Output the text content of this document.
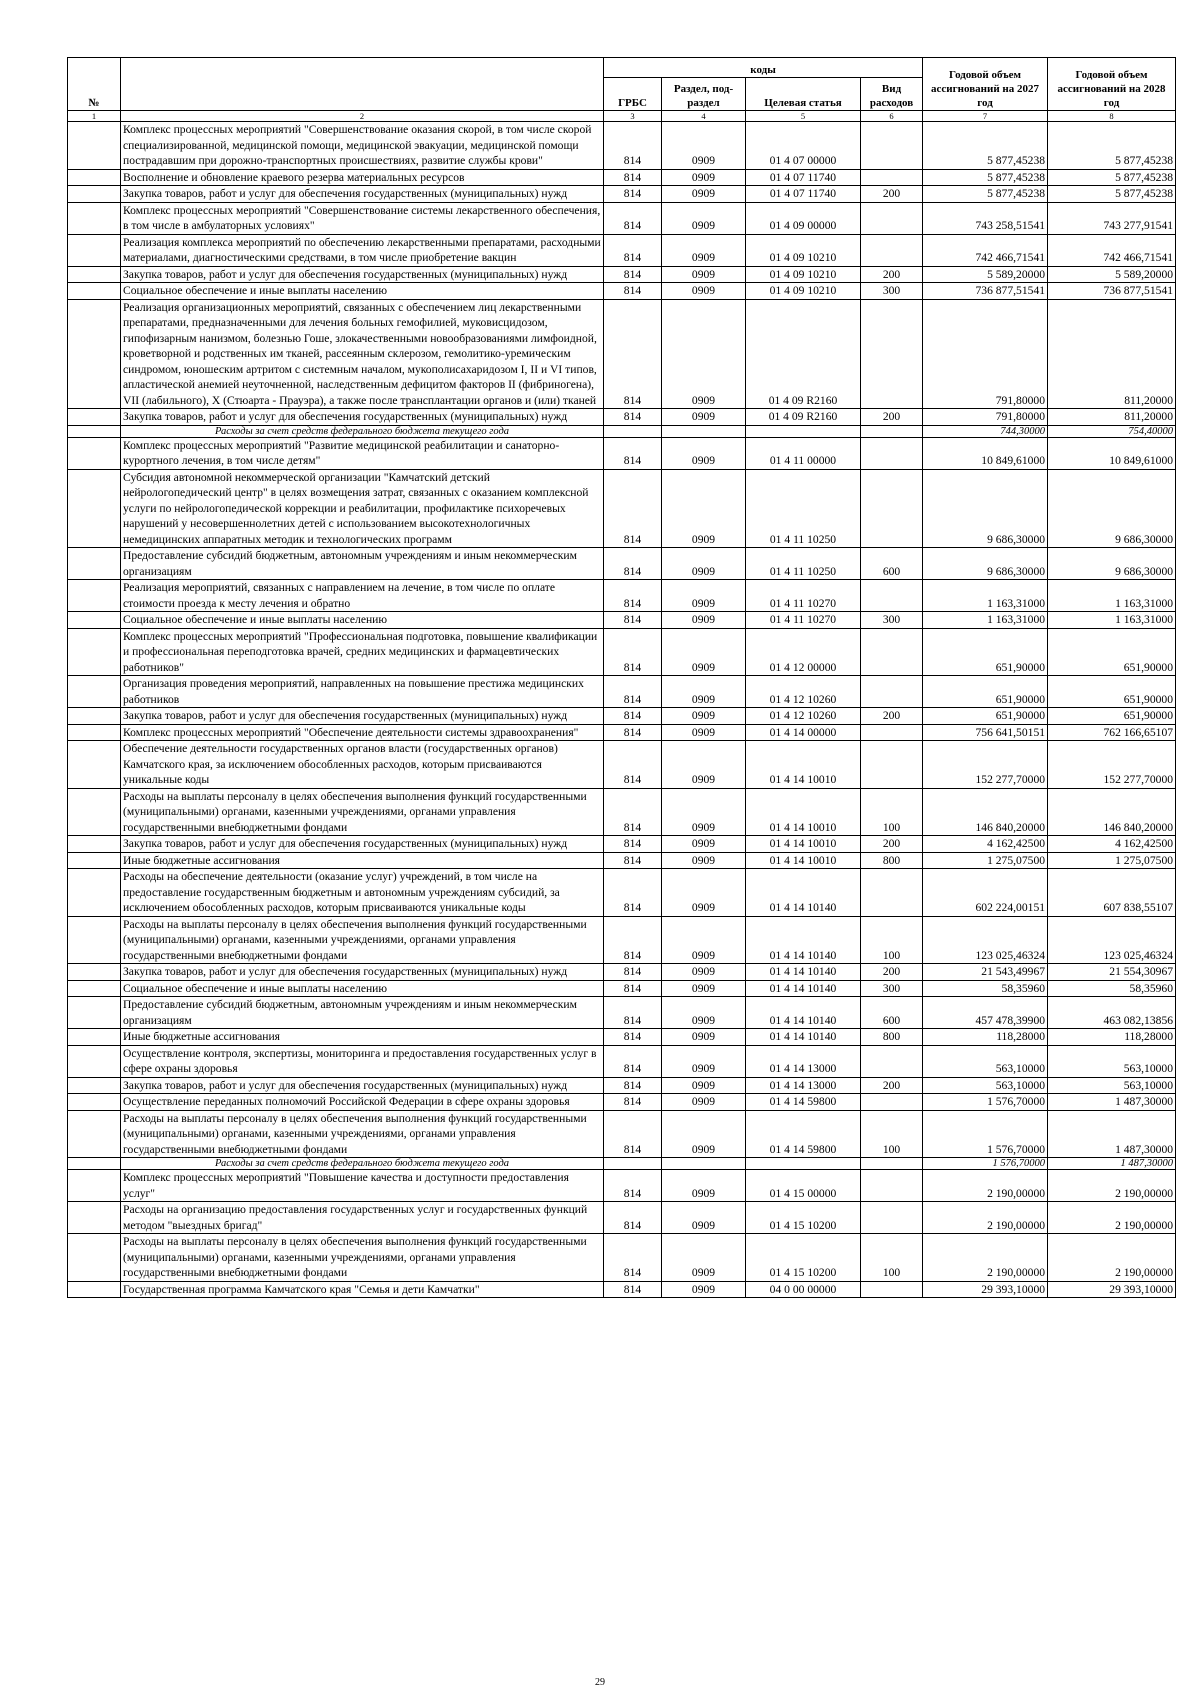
№		коды				Годовой объем ассигнований на 2027 год	Годовой объем ассигнований на 2028 год
		ГРБС	Раздел, под-раздел	Целевая статья	Вид расходов		
1	2	3	4	5	6	7	8
	Комплекс процессных мероприятий "Совершенствование оказания скорой, в том числе скорой специализированной, медицинской помощи, медицинской эвакуации, медицинской помощи пострадавшим при дорожно-транспортных происшествиях, развитие службы крови"	814	0909	01 4 07 00000		5 877,45238	5 877,45238
	Восполнение и обновление краевого резерва материальных ресурсов	814	0909	01 4 07 11740		5 877,45238	5 877,45238
	Закупка товаров, работ и услуг для обеспечения государственных (муниципальных) нужд	814	0909	01 4 07 11740	200	5 877,45238	5 877,45238
	Комплекс процессных мероприятий "Совершенствование системы лекарственного обеспечения, в том числе в амбулаторных условиях"	814	0909	01 4 09 00000		743 258,51541	743 277,91541
	Реализация комплекса мероприятий по обеспечению лекарственными препаратами, расходными материалами, диагностическими средствами, в том числе приобретение вакцин	814	0909	01 4 09 10210		742 466,71541	742 466,71541
	Закупка товаров, работ и услуг для обеспечения государственных (муниципальных) нужд	814	0909	01 4 09 10210	200	5 589,20000	5 589,20000
	Социальное обеспечение и иные выплаты населению	814	0909	01 4 09 10210	300	736 877,51541	736 877,51541
	Реализация организационных мероприятий, связанных с обеспечением лиц лекарственными препаратами, предназначенными для лечения больных гемофилией, муковисцидозом, гипофизарным нанизмом, болезнью Гоше, злокачественными новообразованиями лимфоидной, кроветворной и родственных им тканей, рассеянным склерозом, гемолитико-уремическим синдромом, юношеским артритом с системным началом, мукополисахаридозом I, II и VI типов, апластической анемией неуточненной, наследственным дефицитом факторов II (фибриногена), VII (лабильного), X (Стюарта - Прауэра), а также после трансплантации органов и (или) тканей	814	0909	01 4 09 R2160		791,80000	811,20000
	Закупка товаров, работ и услуг для обеспечения государственных (муниципальных) нужд	814	0909	01 4 09 R2160	200	791,80000	811,20000
	Расходы за счет средств федерального бюджета текущего года					744,30000	754,40000
	Комплекс процессных мероприятий "Развитие медицинской реабилитации и санаторно-курортного лечения, в том числе детям"	814	0909	01 4 11 00000		10 849,61000	10 849,61000
	Субсидия автономной некоммерческой организации "Камчатский детский нейрологопедический центр" в целях возмещения затрат, связанных с оказанием комплексной услуги по нейрологопедической коррекции и реабилитации, профилактике психоречевых нарушений у несовершеннолетних детей с использованием высокотехнологичных немедицинских аппаратных методик и технологических программ	814	0909	01 4 11 10250		9 686,30000	9 686,30000
	Предоставление субсидий бюджетным, автономным учреждениям и иным некоммерческим организациям	814	0909	01 4 11 10250	600	9 686,30000	9 686,30000
	Реализация мероприятий, связанных с направлением на лечение, в том числе по оплате стоимости проезда к месту лечения и обратно	814	0909	01 4 11 10270		1 163,31000	1 163,31000
	Социальное обеспечение и иные выплаты населению	814	0909	01 4 11 10270	300	1 163,31000	1 163,31000
	Комплекс процессных мероприятий "Профессиональная подготовка, повышение квалификации и профессиональная переподготовка врачей, средних медицинских и фармацевтических работников"	814	0909	01 4 12 00000		651,90000	651,90000
	Организация проведения мероприятий, направленных на повышение престижа медицинских работников	814	0909	01 4 12 10260		651,90000	651,90000
	Закупка товаров, работ и услуг для обеспечения государственных (муниципальных) нужд	814	0909	01 4 12 10260	200	651,90000	651,90000
	Комплекс процессных мероприятий "Обеспечение деятельности системы здравоохранения"	814	0909	01 4 14 00000		756 641,50151	762 166,65107
	Обеспечение деятельности государственных органов власти (государственных органов) Камчатского края, за исключением обособленных расходов, которым присваиваются уникальные коды	814	0909	01 4 14 10010		152 277,70000	152 277,70000
	Расходы на выплаты персоналу в целях обеспечения выполнения функций государственными (муниципальными) органами, казенными учреждениями, органами управления государственными внебюджетными фондами	814	0909	01 4 14 10010	100	146 840,20000	146 840,20000
	Закупка товаров, работ и услуг для обеспечения государственных (муниципальных) нужд	814	0909	01 4 14 10010	200	4 162,42500	4 162,42500
	Иные бюджетные ассигнования	814	0909	01 4 14 10010	800	1 275,07500	1 275,07500
	Расходы на обеспечение деятельности (оказание услуг) учреждений, в том числе на предоставление государственным бюджетным и автономным учреждениям субсидий, за исключением обособленных расходов, которым присваиваются уникальные коды	814	0909	01 4 14 10140		602 224,00151	607 838,55107
	Расходы на выплаты персоналу в целях обеспечения выполнения функций государственными (муниципальными) органами, казенными учреждениями, органами управления государственными внебюджетными фондами	814	0909	01 4 14 10140	100	123 025,46324	123 025,46324
	Закупка товаров, работ и услуг для обеспечения государственных (муниципальных) нужд	814	0909	01 4 14 10140	200	21 543,49967	21 554,30967
	Социальное обеспечение и иные выплаты населению	814	0909	01 4 14 10140	300	58,35960	58,35960
	Предоставление субсидий бюджетным, автономным учреждениям и иным некоммерческим организациям	814	0909	01 4 14 10140	600	457 478,39900	463 082,13856
	Иные бюджетные ассигнования	814	0909	01 4 14 10140	800	118,28000	118,28000
	Осуществление контроля, экспертизы, мониторинга и предоставления государственных услуг в сфере охраны здоровья	814	0909	01 4 14 13000		563,10000	563,10000
	Закупка товаров, работ и услуг для обеспечения государственных (муниципальных) нужд	814	0909	01 4 14 13000	200	563,10000	563,10000
	Осуществление переданных полномочий Российской Федерации в сфере охраны здоровья	814	0909	01 4 14 59800		1 576,70000	1 487,30000
	Расходы на выплаты персоналу в целях обеспечения выполнения функций государственными (муниципальными) органами, казенными учреждениями, органами управления государственными внебюджетными фондами	814	0909	01 4 14 59800	100	1 576,70000	1 487,30000
	Расходы за счет средств федерального бюджета текущего года					1 576,70000	1 487,30000
	Комплекс процессных мероприятий "Повышение качества и доступности предоставления услуг"	814	0909	01 4 15 00000		2 190,00000	2 190,00000
	Расходы на организацию предоставления государственных услуг и государственных функций методом "выездных бригад"	814	0909	01 4 15 10200		2 190,00000	2 190,00000
	Расходы на выплаты персоналу в целях обеспечения выполнения функций государственными (муниципальными) органами, казенными учреждениями, органами управления государственными внебюджетными фондами	814	0909	01 4 15 10200	100	2 190,00000	2 190,00000
	Государственная программа Камчатского края "Семья и дети Камчатки"	814	0909	04 0 00 00000		29 393,10000	29 393,10000
29
